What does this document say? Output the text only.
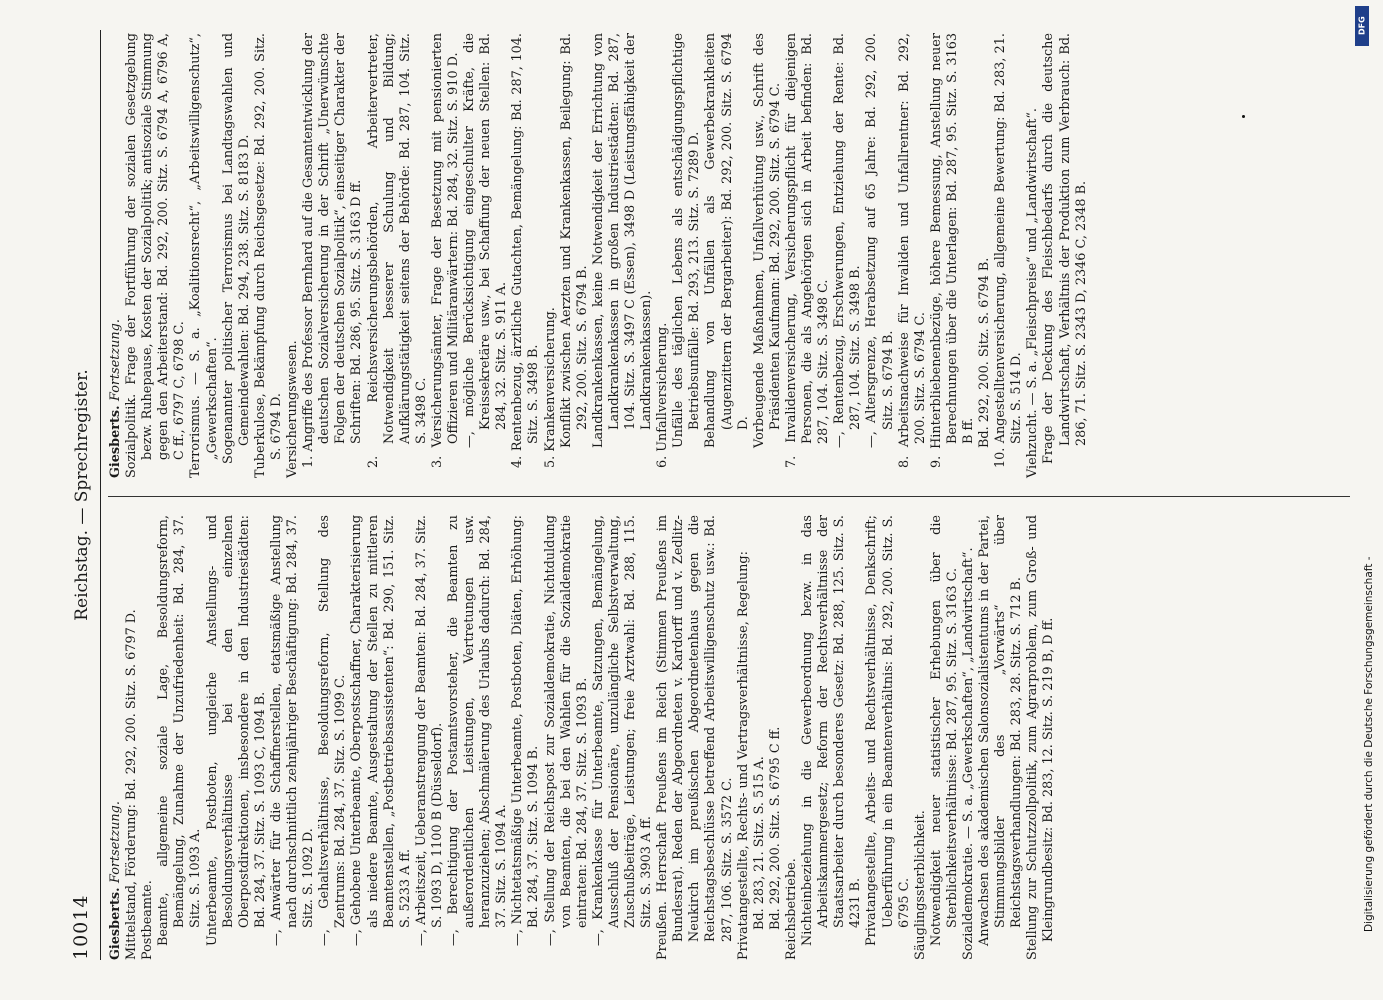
10014
Reichstag. — Sprechregister.

Giesberts. Fortsetzung. Mittelstand, Förderung: Bd. 292, 200. Sitz. S. 6797 D. Postbeamte. Beamte, allgemeine soziale Lage, Besoldungsreform, Bemängelung, Zunahme der Unzufriedenheit: Bd. 284, 37. Sitz. S. 1093 A. Unterbeamte, Postboten, ungleiche Anstellungs- und Besoldungsverhältnisse bei den einzelnen Oberpostdirektionen, insbesondere in den Industriestädten: Bd. 284, 37. Sitz. S. 1093 C, 1094 B. —, Anwärter für die Schaffnerstellen, etatsmäßige Anstellung nach durchschnittlich zehnjähriger Beschäftigung: Bd. 284, 37. Sitz. S. 1092 D. —, Gehaltsverhältnisse, Besoldungsreform, Stellung des Zentrums: Bd. 284, 37. Sitz. S. 1099 C. —, Gehobene Unterbeamte, Oberpostschaffner, Charakterisierung als niedere Beamte, Ausgestaltung der Stellen zu mittleren Beamtenstellen, „Postbetriebsassistenten“: Bd. 290, 151. Sitz. S. 5233 A ff. —, Arbeitszeit, Ueberanstrengung der Beamten: Bd. 284, 37. Sitz. S. 1093 D, 1100 B (Düsseldorf). —, Berechtigung der Postamtsvorsteher, die Beamten zu außerordentlichen Leistungen, Vertretungen usw. heranzuziehen; Abschmälerung des Urlaubs dadurch: Bd. 284, 37. Sitz. S. 1094 A. —, Nichtetatsmäßige Unterbeamte, Postboten, Diäten, Erhöhung: Bd. 284, 37. Sitz. S. 1094 B. —, Stellung der Reichspost zur Sozialdemokratie, Nichtduldung von Beamten, die bei den Wahlen für die Sozialdemokratie eintraten: Bd. 284, 37. Sitz. S. 1093 B. —, Krankenkasse für Unterbeamte, Satzungen, Bemängelung, Ausschluß der Pensionäre, unzulängliche Selbstverwaltung, Zuschußbeiträge, Leistungen; freie Arztwahl: Bd. 288, 115. Sitz. S. 3903 A ff. Preußen. Herrschaft Preußens im Reich (Stimmen Preußens im Bundesrat). Reden der Abgeordneten v. Kardorff und v. Zedlitz-Neukirch im preußischen Abgeordnetenhaus gegen die Reichstagsbeschlüsse betreffend Arbeitswilligenschutz usw.: Bd. 287, 106. Sitz. S. 3572 C. Privatangestellte, Rechts- und Vertragsverhältnisse, Regelung: Bd. 283, 21. Sitz. S. 515 A. Bd. 292, 200. Sitz. S. 6795 C ff. Reichsbetriebe. Nichteinbeziehung in die Gewerbeordnung bezw. in das Arbeitskammergesetz; Reform der Rechtsverhältnisse der Staatsarbeiter durch besonderes Gesetz: Bd. 288, 125. Sitz. S. 4231 B. Privatangestellte, Arbeits- und Rechtsverhältnisse, Denkschrift; Ueberführung in ein Beamtenverhältnis: Bd. 292, 200. Sitz. S. 6795 C. Säuglingssterblichkeit. Notwendigkeit neuer statistischer Erhebungen über die Sterblichkeitsverhältnisse: Bd. 287, 95. Sitz. S. 3163 C. Sozialdemokratie. — S. a. „Gewerkschaften“, „Landwirtschaft“. Anwachsen des akademischen Salonsozialistentums in der Partei, Stimmungsbilder des „Vorwärts“ über Reichstagsverhandlungen: Bd. 283, 28. Sitz. S. 712 B. Stellung zur Schutzzollpolitik, zum Agrarproblem, zum Groß- und Kleingrundbesitz: Bd. 283, 12. Sitz. S. 219 B, D ff.

Giesberts. Fortsetzung. Sozialpolitik. Frage der Fortführung der sozialen Gesetzgebung bezw. Ruhepause, Kosten der Sozialpolitik; antisoziale Stimmung gegen den Arbeiterstand: Bd. 292, 200. Sitz. S. 6794 A, 6796 A, C ff., 6797 C, 6798 C. Terrorismus. — S. a. „Koalitionsrecht“, „Arbeitswilligenschutz“, „Gewerkschaften“. Sogenannter politischer Terrorismus bei Landtagswahlen und Gemeindewahlen: Bd. 294, 238. Sitz. S. 8183 D. Tuberkulose, Bekämpfung durch Reichsgesetze: Bd. 292, 200. Sitz. S. 6794 D. Versicherungswesen. 1. Angriffe des Professor Bernhard auf die Gesamtentwicklung der deutschen Sozialversicherung in der Schrift „Unerwünschte Folgen der deutschen Sozialpolitik“, einseitiger Charakter der Schriften: Bd. 286, 95. Sitz. S. 3163 D ff. 2. Reichsversicherungsbehörden, Arbeitervertreter, Notwendigkeit besserer Schulung und Bildung; Aufklärungstätigkeit seitens der Behörde: Bd. 287, 104. Sitz. S. 3498 C. 3. Versicherungsämter, Frage der Besetzung mit pensionierten Offizieren und Militäranwärtern: Bd. 284, 32. Sitz. S. 910 D. —, mögliche Berücksichtigung eingeschulter Kräfte, die Kreissekretäre usw., bei Schaffung der neuen Stellen: Bd. 284, 32. Sitz. S. 911 A. 4. Rentenbezug, ärztliche Gutachten, Bemängelung: Bd. 287, 104. Sitz. S. 3498 B. 5. Krankenversicherung. Konflikt zwischen Aerzten und Krankenkassen, Beilegung: Bd. 292, 200. Sitz. S. 6794 B. Landkrankenkassen, keine Notwendigkeit der Errichtung von Landkrankenkassen in großen Industriestädten: Bd. 287, 104. Sitz. S. 3497 C (Essen), 3498 D (Leistungsfähigkeit der Landkrankenkassen). 6. Unfallversicherung. Unfälle des täglichen Lebens als entschädigungspflichtige Betriebsunfälle: Bd. 293, 213. Sitz. S. 7289 D. Behandlung von Unfällen als Gewerbekrankheiten (Augenzittern der Bergarbeiter): Bd. 292, 200. Sitz. S. 6794 D. Vorbeugende Maßnahmen, Unfallverhütung usw., Schrift des Präsidenten Kaufmann: Bd. 292, 200. Sitz. S. 6794 C. 7. Invalidenversicherung, Versicherungspflicht für diejenigen Personen, die als Angehörigen sich in Arbeit befinden: Bd. 287, 104. Sitz. S. 3498 C. —, Rentenbezug, Erschwerungen, Entziehung der Rente: Bd. 287, 104. Sitz. S. 3498 B. —, Altersgrenze, Herabsetzung auf 65 Jahre: Bd. 292, 200. Sitz. S. 6794 B. 8. Arbeitsnachweise für Invaliden und Unfallrentner: Bd. 292, 200. Sitz. S. 6794 C. 9. Hinterbliebenenbezüge, höhere Bemessung, Anstellung neuer Berechnungen über die Unterlagen: Bd. 287, 95. Sitz. S. 3163 B ff. Bd. 292, 200. Sitz. S. 6794 B. 10. Angestelltenversicherung, allgemeine Bewertung: Bd. 283, 21. Sitz. S. 514 D. Viehzucht. — S. a. „Fleischpreise“ und „Landwirtschaft“. Frage der Deckung des Fleischbedarfs durch die deutsche Landwirtschaft, Verhältnis der Produktion zum Verbrauch: Bd. 286, 71. Sitz. S. 2343 D, 2346 C, 2348 B.

DFG
Digitalisierung gefördert durch die Deutsche Forschungsgemeinschaft -
